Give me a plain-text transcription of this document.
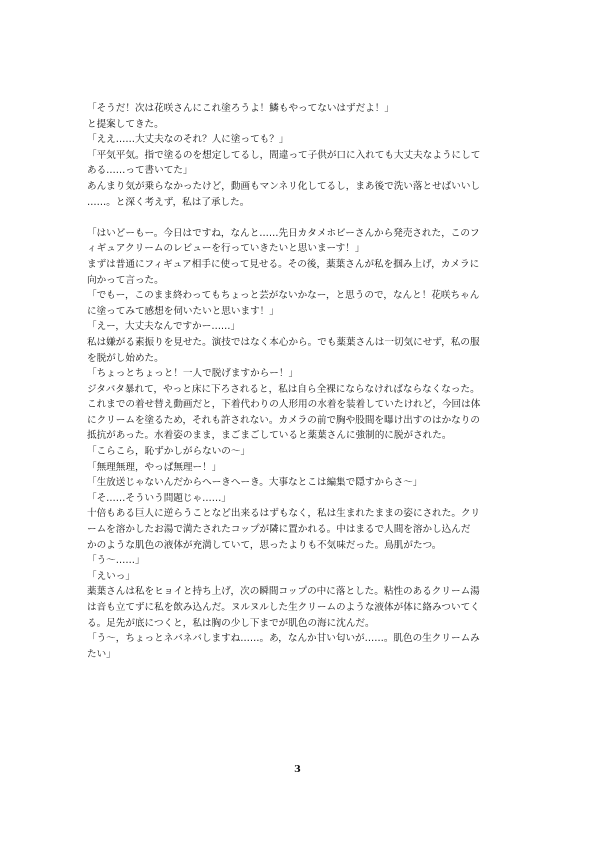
「そうだ！次は花咲さんにこれ塗ろうよ！鱗もやってないはずだよ！」
と提案してきた。
「ええ……大丈夫なのそれ？人に塗っても？」
「平気平気。指で塗るのを想定してるし，間違って子供が口に入れても大丈夫なようにして
ある……って書いてた」
あんまり気が乗らなかったけど，動画もマンネリ化してるし，まあ後で洗い落とせばいいし
……。と深く考えず，私は了承した。
「はいどーもー。今日はですね，なんと……先日カタメホビーさんから発売された，このフ
ィギュアクリームのレビューを行っていきたいと思いまーす！」
まずは普通にフィギュア相手に使って見せる。その後，薬葉さんが私を掴み上げ，カメラに
向かって言った。
「でもー，このまま終わってもちょっと芸がないかなー，と思うので，なんと！花咲ちゃん
に塗ってみて感想を伺いたいと思います！」
「えー，大丈夫なんですかー……」
私は嫌がる素振りを見せた。演技ではなく本心から。でも薬葉さんは一切気にせず，私の服
を脱がし始めた。
「ちょっとちょっと！一人で脱げますからー！」
ジタバタ暴れて，やっと床に下ろされると，私は自ら全裸にならなければならなくなった。
これまでの着せ替え動画だと，下着代わりの人形用の水着を装着していたけれど，今回は体
にクリームを塗るため，それも許されない。カメラの前で胸や股間を曝け出すのはかなりの
抵抗があった。水着姿のまま，まごまごしていると薬葉さんに強制的に脱がされた。
「こらこら，恥ずかしがらないの〜」
「無理無理，やっぱ無理ー！」
「生放送じゃないんだからへーきへーき。大事なとこは編集で隠すからさ〜」
「そ……そういう問題じゃ……」
十倍もある巨人に逆らうことなど出来るはずもなく，私は生まれたままの姿にされた。クリ
ームを溶かしたお湯で満たされたコップが隣に置かれる。中はまるで人間を溶かし込んだ
かのような肌色の液体が充満していて，思ったよりも不気味だった。鳥肌がたつ。
「う〜……」
「えいっ」
薬葉さんは私をヒョイと持ち上げ，次の瞬間コップの中に落とした。粘性のあるクリーム湯
は音も立てずに私を飲み込んだ。ヌルヌルした生クリームのような液体が体に絡みついてく
る。足先が底につくと，私は胸の少し下までが肌色の海に沈んだ。
「う〜，ちょっとネバネバしますね……。あ，なんか甘い匂いが……。肌色の生クリームみ
たい」
3
